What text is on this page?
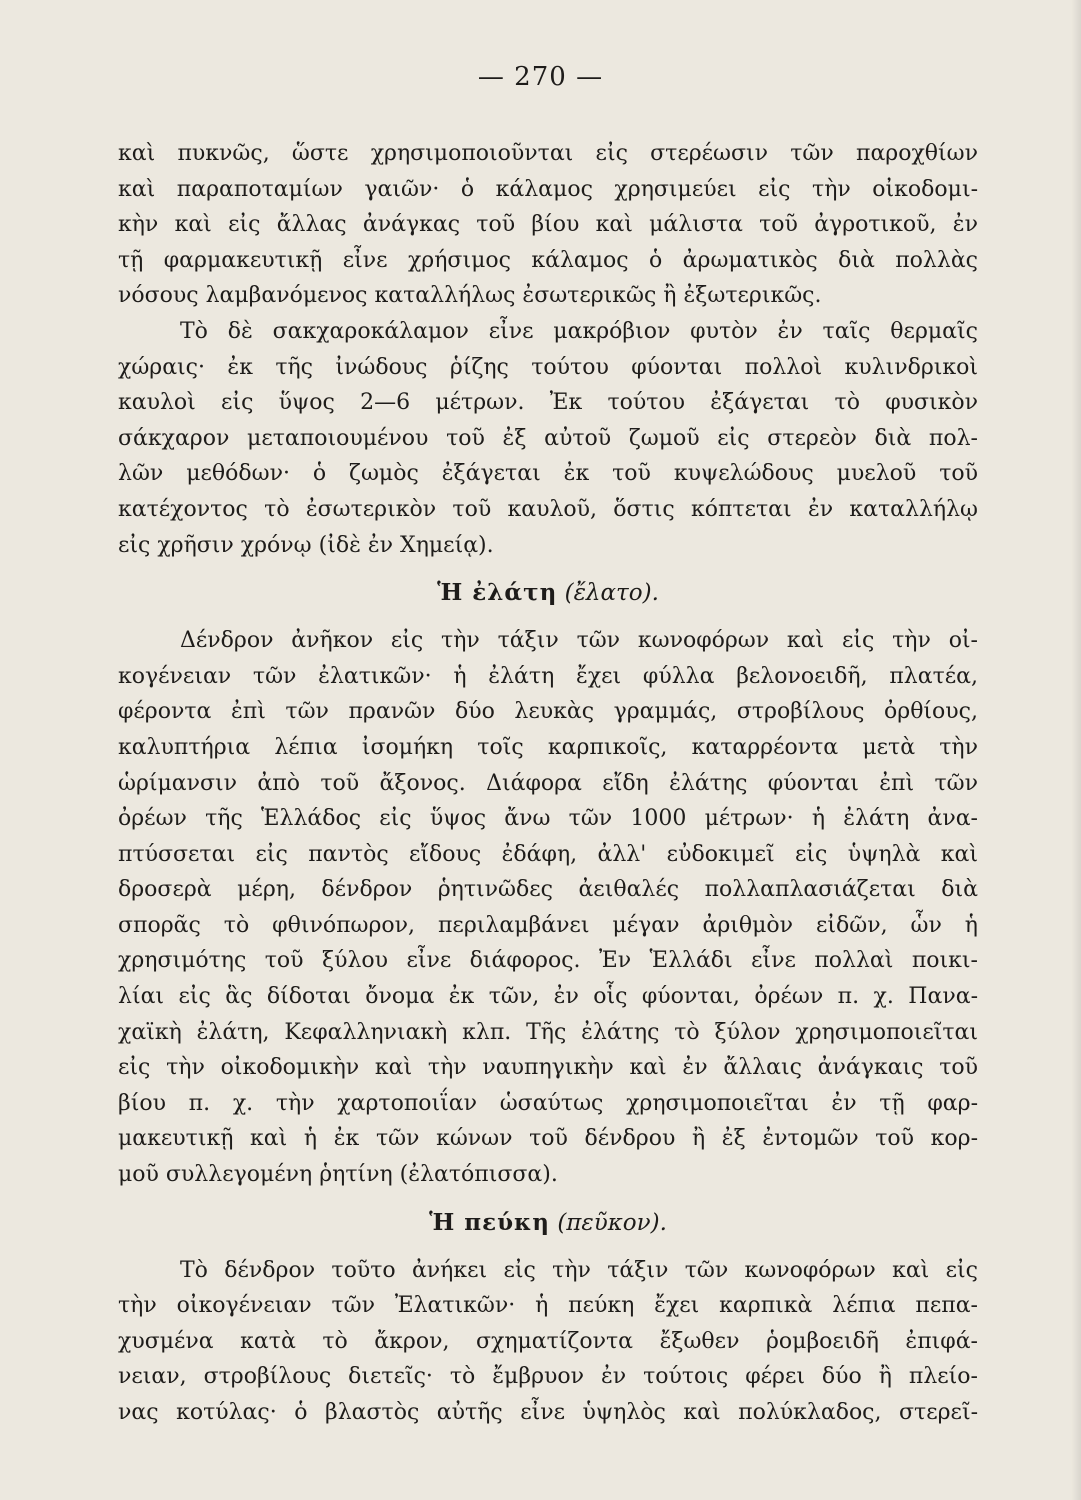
— 270 —
καὶ πυκνῶς, ὥστε χρησιμοποιοῦνται εἰς στερέωσιν τῶν παροχθίων
καὶ παραποταμίων γαιῶν· ὁ κάλαμος χρησιμεύει εἰς τὴν οἰκοδομι-
κὴν καὶ εἰς ἄλλας ἀνάγκας τοῦ βίου καὶ μάλιστα τοῦ ἀγροτικοῦ, ἐν
τῇ φαρμακευτικῇ εἶνε χρήσιμος κάλαμος ὁ ἀρωματικὸς διὰ πολλὰς
νόσους λαμβανόμενος καταλλήλως ἐσωτερικῶς ἢ ἐξωτερικῶς.
Τὸ δὲ σακχαροκάλαμον εἶνε μακρόβιον φυτὸν ἐν ταῖς θερμαῖς
χώραις· ἐκ τῆς ἰνώδους ῥίζης τούτου φύονται πολλοὶ κυλινδρικοὶ
καυλοὶ εἰς ὕψος 2—6 μέτρων. Ἐκ τούτου ἐξάγεται τὸ φυσικὸν
σάκχαρον μεταποιουμένου τοῦ ἐξ αὐτοῦ ζωμοῦ εἰς στερεὸν διὰ πολ-
λῶν μεθόδων· ὁ ζωμὸς ἐξάγεται ἐκ τοῦ κυψελώδους μυελοῦ τοῦ
κατέχοντος τὸ ἐσωτερικὸν τοῦ καυλοῦ, ὅστις κόπτεται ἐν καταλλήλῳ
εἰς χρῆσιν χρόνῳ (ἰδὲ ἐν Χημείᾳ).
Ἡ ἐλάτη (ἔλατο).
Δένδρον ἀνῆκον εἰς τὴν τάξιν τῶν κωνοφόρων καὶ εἰς τὴν οἰ-
κογένειαν τῶν ἐλατικῶν· ἡ ἐλάτη ἔχει φύλλα βελονοειδῆ, πλατέα,
φέροντα ἐπὶ τῶν πρανῶν δύο λευκὰς γραμμάς, στροβίλους ὀρθίους,
καλυπτήρια λέπια ἰσομήκη τοῖς καρπικοῖς, καταρρέοντα μετὰ τὴν
ὡρίμανσιν ἀπὸ τοῦ ἄξονος. Διάφορα εἴδη ἐλάτης φύονται ἐπὶ τῶν
ὀρέων τῆς Ἑλλάδος εἰς ὕψος ἄνω τῶν 1000 μέτρων· ἡ ἐλάτη ἀνα-
πτύσσεται εἰς παντὸς εἴδους ἐδάφη, ἀλλ' εὐδοκιμεῖ εἰς ὑψηλὰ καὶ
δροσερὰ μέρη, δένδρον ῥητινῶδες ἀειθαλές πολλαπλασιάζεται διὰ
σπορᾶς τὸ φθινόπωρον, περιλαμβάνει μέγαν ἀριθμὸν εἰδῶν, ὧν ἡ
χρησιμότης τοῦ ξύλου εἶνε διάφορος. Ἐν Ἑλλάδι εἶνε πολλαὶ ποικι-
λίαι εἰς ἃς δίδοται ὄνομα ἐκ τῶν, ἐν οἷς φύονται, ὀρέων π. χ. Πανα-
χαϊκὴ ἐλάτη, Κεφαλληνιακὴ κλπ. Τῆς ἐλάτης τὸ ξύλον χρησιμοποιεῖται
εἰς τὴν οἰκοδομικὴν καὶ τὴν ναυπηγικὴν καὶ ἐν ἄλλαις ἀνάγκαις τοῦ
βίου π. χ. τὴν χαρτοποιΐαν ὡσαύτως χρησιμοποιεῖται ἐν τῇ φαρ-
μακευτικῇ καὶ ἡ ἐκ τῶν κώνων τοῦ δένδρου ἢ ἐξ ἐντομῶν τοῦ κορ-
μοῦ συλλεγομένη ῥητίνη (ἐλατόπισσα).
Ἡ πεύκη (πεῦκον).
Τὸ δένδρον τοῦτο ἀνήκει εἰς τὴν τάξιν τῶν κωνοφόρων καὶ εἰς
τὴν οἰκογένειαν τῶν Ἐλατικῶν· ἡ πεύκη ἔχει καρπικὰ λέπια πεπα-
χυσμένα κατὰ τὸ ἄκρον, σχηματίζοντα ἔξωθεν ῥομβοειδῆ ἐπιφά-
νειαν, στροβίλους διετεῖς· τὸ ἔμβρυον ἐν τούτοις φέρει δύο ἢ πλείο-
νας κοτύλας· ὁ βλαστὸς αὐτῆς εἶνε ὑψηλὸς καὶ πολύκλαδος, στερεῖ-
